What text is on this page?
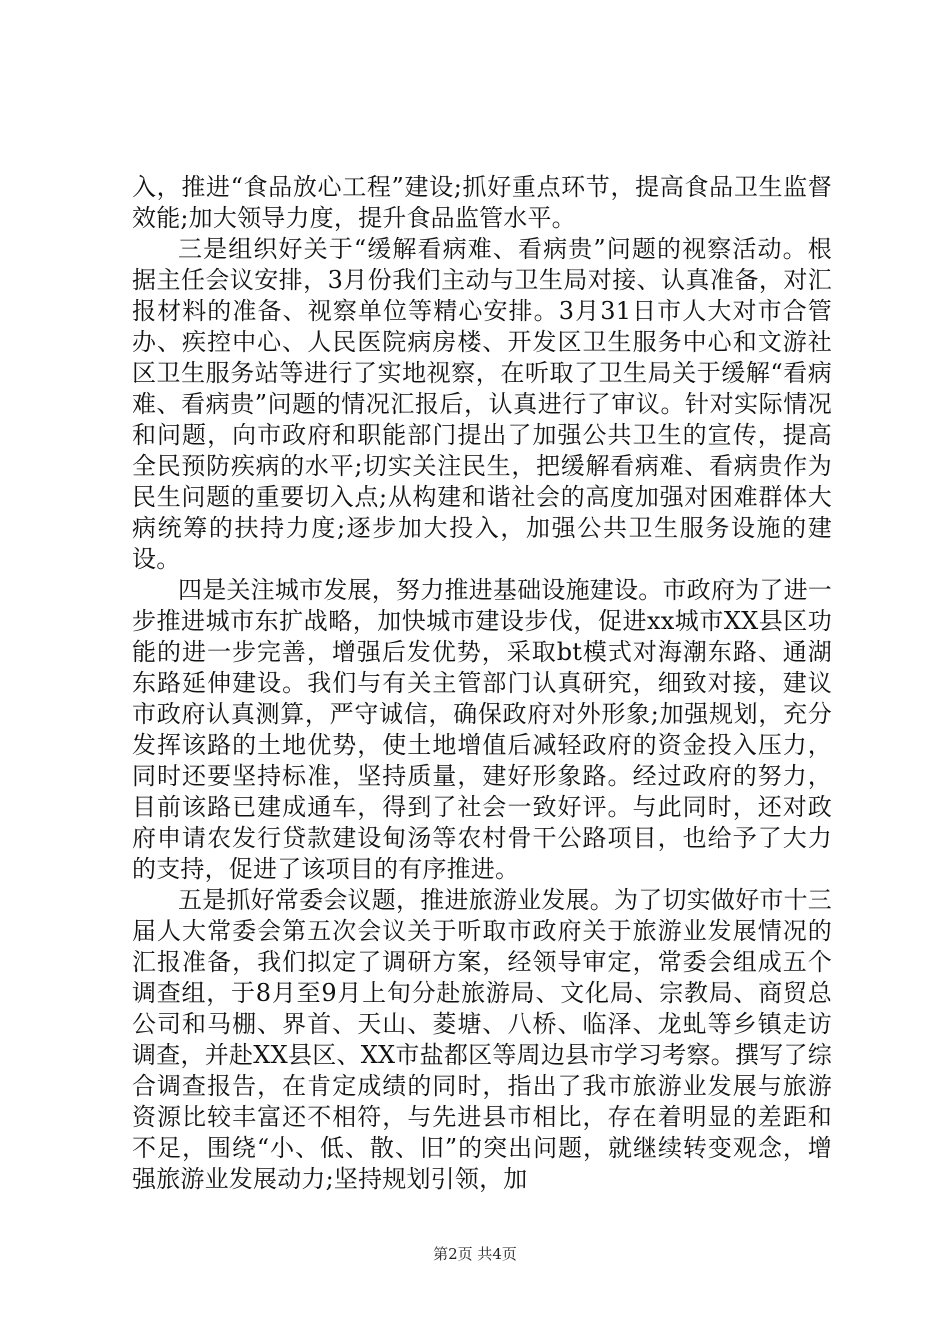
入，推进“食品放心工程”建设;抓好重点环节，提高食品卫生监督效能;加大领导力度，提升食品监管水平。

三是组织好关于“缓解看病难、看病贵”问题的视察活动。根据主任会议安排，3月份我们主动与卫生局对接、认真准备，对汇报材料的准备、视察单位等精心安排。3月31日市人大对市合管办、疾控中心、人民医院病房楼、开发区卫生服务中心和文游社区卫生服务站等进行了实地视察，在听取了卫生局关于缓解“看病难、看病贵”问题的情况汇报后，认真进行了审议。针对实际情况和问题，向市政府和职能部门提出了加强公共卫生的宣传，提高全民预防疾病的水平;切实关注民生，把缓解看病难、看病贵作为民生问题的重要切入点;从构建和谐社会的高度加强对困难群体大病统筹的扶持力度;逐步加大投入，加强公共卫生服务设施的建设。

四是关注城市发展，努力推进基础设施建设。市政府为了进一步推进城市东扩战略，加快城市建设步伐，促进xx城市XX县区功能的进一步完善，增强后发优势，采取bt模式对海潮东路、通湖东路延伸建设。我们与有关主管部门认真研究，细致对接，建议市政府认真测算，严守诚信，确保政府对外形象;加强规划，充分发挥该路的土地优势，使土地增值后减轻政府的资金投入压力，同时还要坚持标准，坚持质量，建好形象路。经过政府的努力，目前该路已建成通车，得到了社会一致好评。与此同时，还对政府申请农发行贷款建设甸汤等农村骨干公路项目，也给予了大力的支持，促进了该项目的有序推进。

五是抓好常委会议题，推进旅游业发展。为了切实做好市十三届人大常委会第五次会议关于听取市政府关于旅游业发展情况的汇报准备，我们拟定了调研方案，经领导审定，常委会组成五个调查组，于8月至9月上旬分赴旅游局、文化局、宗教局、商贸总公司和马棚、界首、天山、菱塘、八桥、临泽、龙虬等乡镇走访调查，并赴XX县区、XX市盐都区等周边县市学习考察。撰写了综合调查报告，在肯定成绩的同时，指出了我市旅游业发展与旅游资源比较丰富还不相符，与先进县市相比，存在着明显的差距和不足，围绕“小、低、散、旧”的突出问题，就继续转变观念，增强旅游业发展动力;坚持规划引领，加

第2页 共4页
